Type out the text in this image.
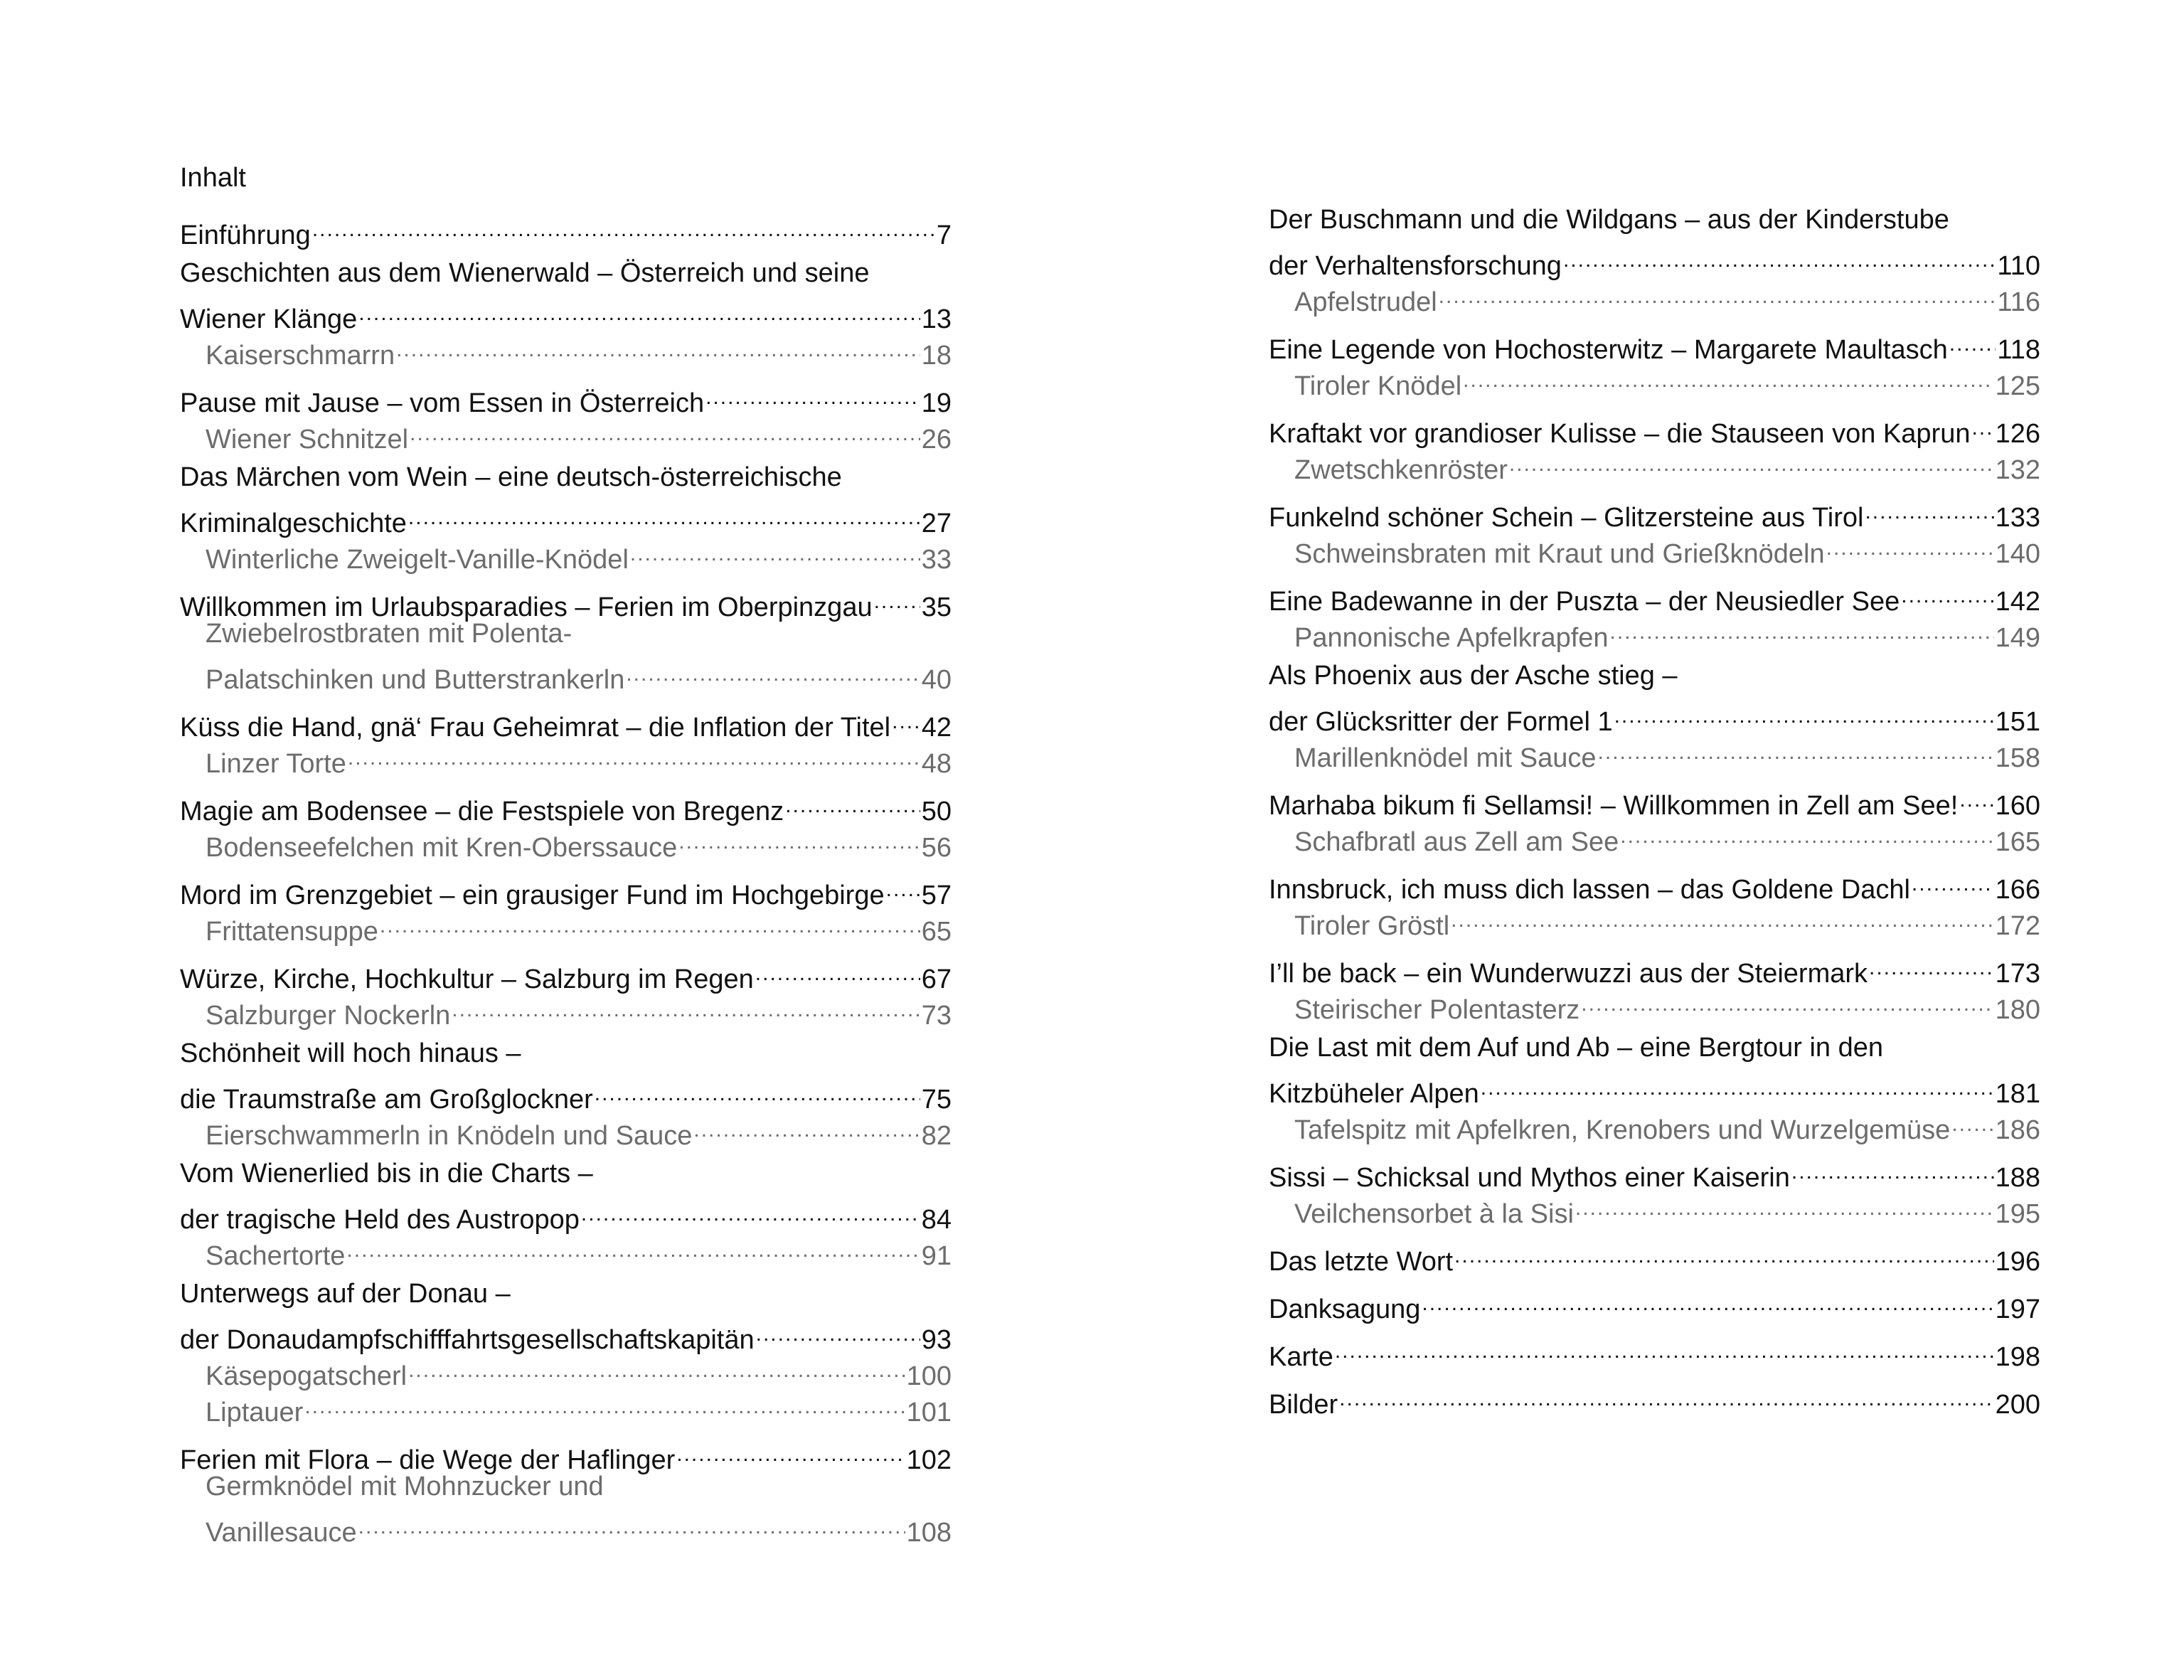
Inhalt
Einführung .....	7
Geschichten aus dem Wienerwald – Österreich und seine
Wiener Klänge .....	13
Kaiserschmarrn .....	18
Pause mit Jause – vom Essen in Österreich .....	19
Wiener Schnitzel .....	26
Das Märchen vom Wein – eine deutsch-österreichische
Kriminalgeschichte .....	27
Winterliche Zweigelt-Vanille-Knödel .....	33
Willkommen im Urlaubsparadies – Ferien im Oberpinzgau ..... 35
Zwiebelrostbraten mit Polenta-
Palatschinken und Butterstrankerln .....	40
Küss die Hand, gnä‘ Frau Geheimrat – die Inflation der Titel ..... 42
Linzer Torte .....	48
Magie am Bodensee – die Festspiele von Bregenz .....	50
Bodenseefelchen mit Kren-Oberssauce .....	56
Mord im Grenzgebiet – ein grausiger Fund im Hochgebirge ..... 57
Frittatensuppe .....	65
Würze, Kirche, Hochkultur – Salzburg im Regen .....	67
Salzburger Nockerln .....	73
Schönheit will hoch hinaus –
die Traumstraße am Großglockner .....	75
Eierschwammerln in Knödeln und Sauce .....	82
Vom Wienerlied bis in die Charts –
der tragische Held des Austropop .....	84
Sachertorte .....	91
Unterwegs auf der Donau –
der Donaudampfschifffahrtsgesellschaftskapitän .....	93
Käsepogatscherl .....	100
Liptauer .....	101
Ferien mit Flora – die Wege der Haflinger .....	102
Germknödel mit Mohnzucker und
Vanillesauce .....	108
Der Buschmann und die Wildgans – aus der Kinderstube
der Verhaltensforschung .....	110
Apfelstrudel .....	116
Eine Legende von Hochosterwitz – Margarete Maultasch ..... 118
Tiroler Knödel .....	125
Kraftakt vor grandioser Kulisse – die Stauseen von Kaprun ..... 126
Zwetschkenröster .....	132
Funkelnd schöner Schein – Glitzersteine aus Tirol .....	133
Schweinsbraten mit Kraut und Grießknödeln .....	140
Eine Badewanne in der Puszta – der Neusiedler See .....	142
Pannonische Apfelkrapfen .....	149
Als Phoenix aus der Asche stieg –
der Glücksritter der Formel 1 .....	151
Marillenknödel mit Sauce .....	158
Marhaba bikum fi Sellamsi! – Willkommen in Zell am See! ..... 160
Schafbratl aus Zell am See .....	165
Innsbruck, ich muss dich lassen – das Goldene Dachl .....	166
Tiroler Gröstl .....	172
I’ll be back – ein Wunderwuzzi aus der Steiermark .....	173
Steirischer Polentasterz .....	180
Die Last mit dem Auf und Ab – eine Bergtour in den
Kitzbüheler Alpen .....	181
Tafelspitz mit Apfelkren, Krenobers und Wurzelgemüse ..... 186
Sissi – Schicksal und Mythos einer Kaiserin .....	188
Veilchensorbet à la Sisi .....	195
Das letzte Wort .....	196
Danksagung .....	197
Karte .....	198
Bilder .....	200
